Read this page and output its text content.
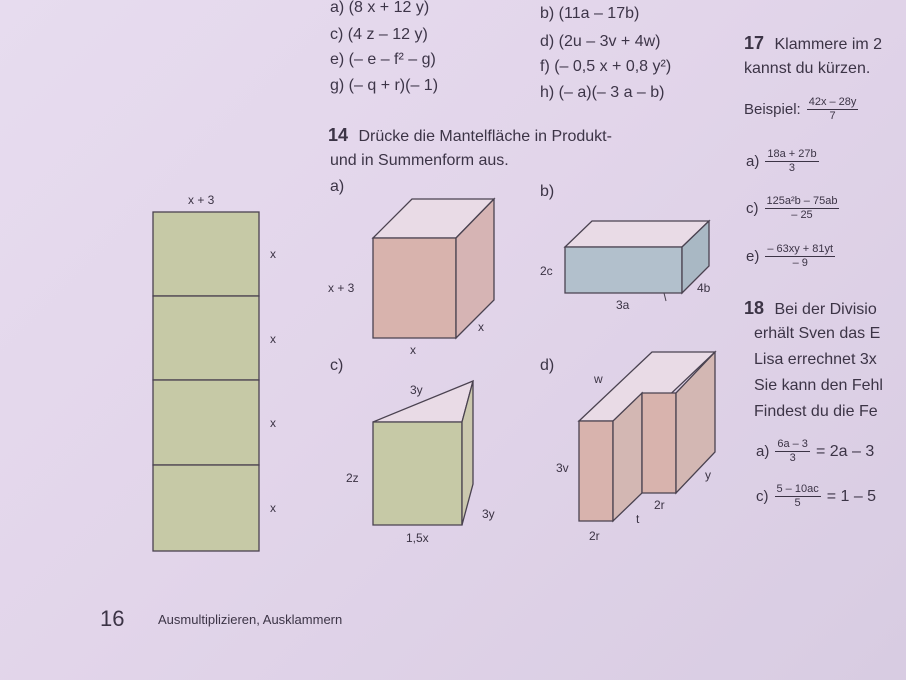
a) (8 x + 12 y)	b) (11a – 17b)
c) (4 z – 12 y)	d) (2u – 3v + 4w)
e) (– e – f² – g)	f) (– 0,5 x + 0,8 y²)
g) (– q + r)(– 1)	h) (– a)(– 3 a – b)
14 Drücke die Mantelfläche in Produkt-
und in Summenform aus.
a)	b)
c)	d)
x + 3
x
x
x
x
x + 3
x
x
2c
3a
4b
3y
2z
1,5x
3y
w
3v
2r
t
2r
y
17 Klammere im 2
kannst du kürzen.
Beispiel: $\frac{42x - 28y}{7}$
$a) \frac{18a + 27b}{3}$
$c) \frac{\text{125a²b – 75ab}}{- 25}$
$e) \frac{- 63xy + 81yt}{- 9}$
18 Bei der Divisio
erhält Sven das E
Lisa errechnet 3x
Sie kann den Fehl
Findest du die Fe
$a) \frac{6a - 3}{3} = 2a - 3$
$c) \frac{5 - 10ac}{5} = 1 - 5$
16	Ausmultiplizieren, Ausklammern
